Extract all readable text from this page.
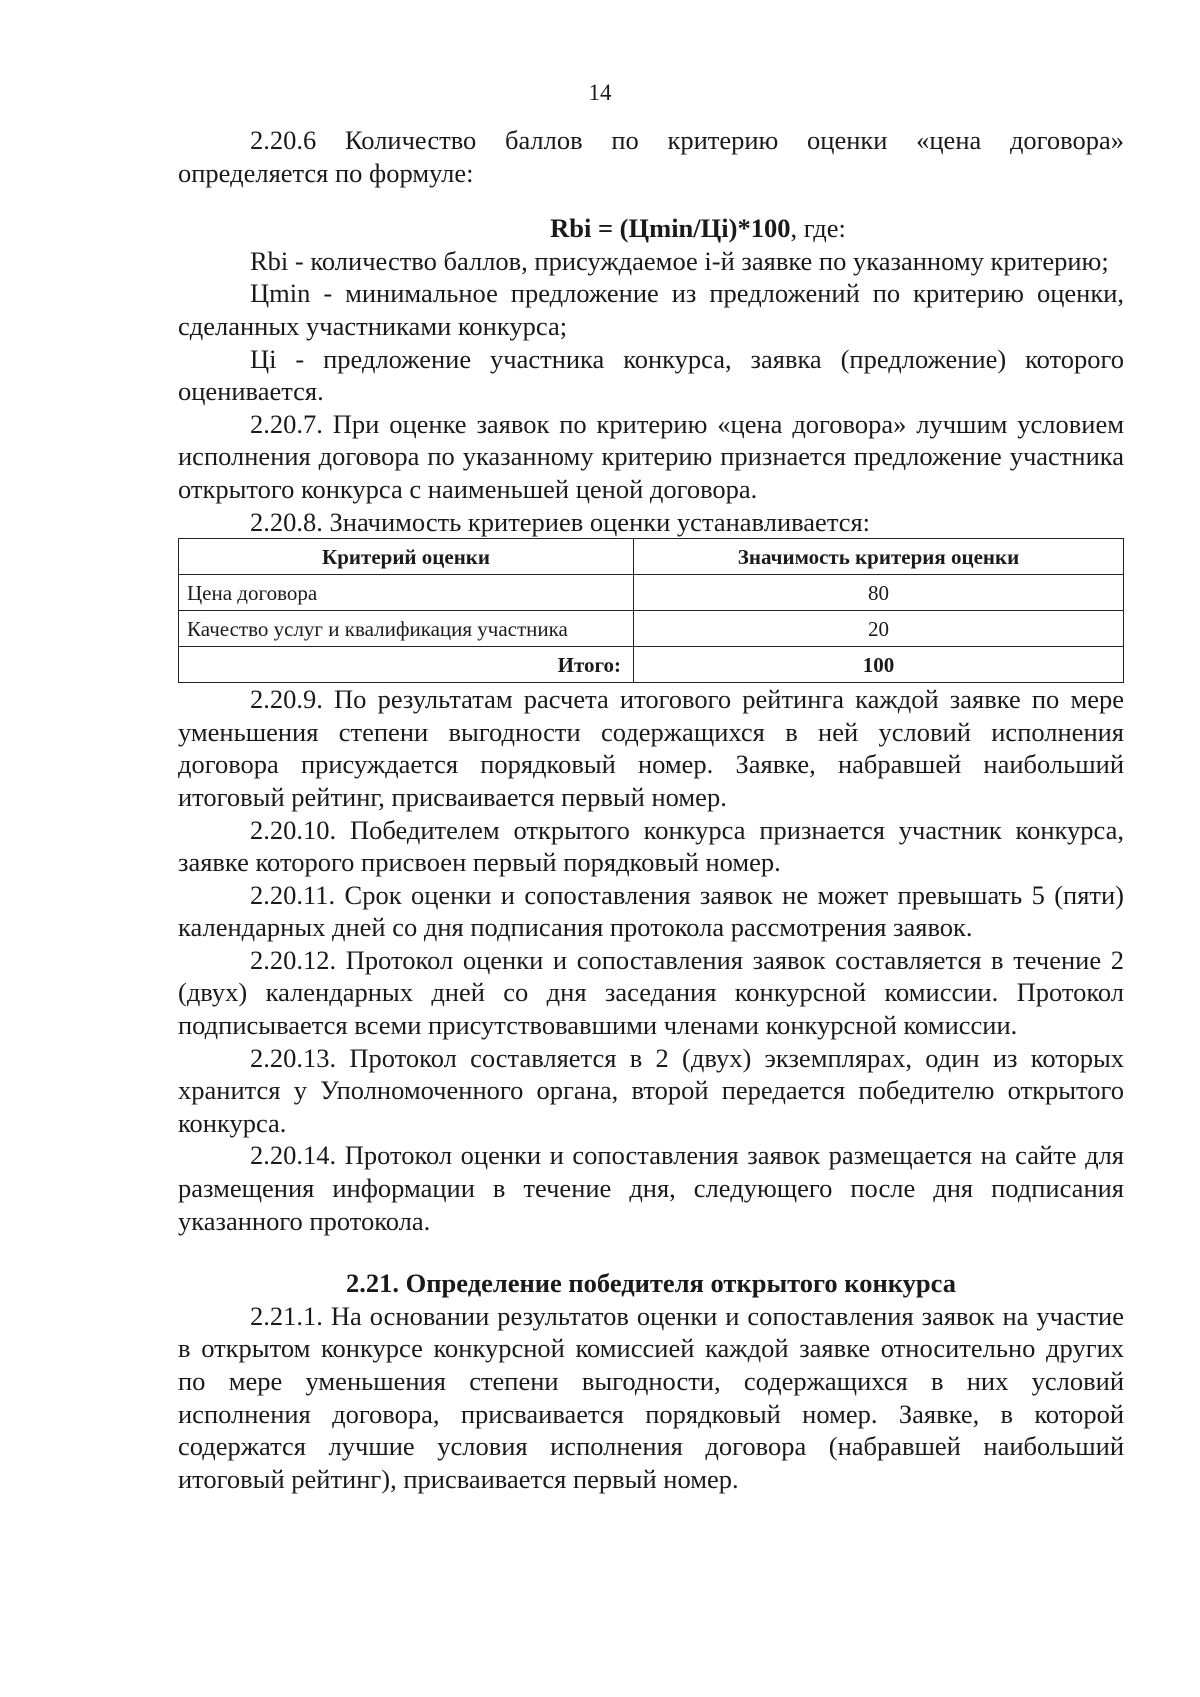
14

2.20.6 Количество баллов по критерию оценки «цена договора» определяется по формуле:

Rbi = (Цmin/Цi)*100, где:

Rbi - количество баллов, присуждаемое i-й заявке по указанному критерию;

Цmin - минимальное предложение из предложений по критерию оценки, сделанных участниками конкурса;

Цi - предложение участника конкурса, заявка (предложение) которого оценивается.

2.20.7. При оценке заявок по критерию «цена договора» лучшим условием исполнения договора по указанному критерию признается предложение участника открытого конкурса с наименьшей ценой договора.

2.20.8. Значимость критериев оценки устанавливается:

Критерий оценки	Значимость критерия оценки
Цена договора	80
Качество услуг и квалификация участника	20
Итого:	100

2.20.9. По результатам расчета итогового рейтинга каждой заявке по мере уменьшения степени выгодности содержащихся в ней условий исполнения договора присуждается порядковый номер. Заявке, набравшей наибольший итоговый рейтинг, присваивается первый номер.

2.20.10. Победителем открытого конкурса признается участник конкурса, заявке которого присвоен первый порядковый номер.

2.20.11. Срок оценки и сопоставления заявок не может превышать 5 (пяти) календарных дней со дня подписания протокола рассмотрения заявок.

2.20.12. Протокол оценки и сопоставления заявок составляется в течение 2 (двух) календарных дней со дня заседания конкурсной комиссии. Протокол подписывается всеми присутствовавшими членами конкурсной комиссии.

2.20.13. Протокол составляется в 2 (двух) экземплярах, один из которых хранится у Уполномоченного органа, второй передается победителю открытого конкурса.

2.20.14. Протокол оценки и сопоставления заявок размещается на сайте для размещения информации в течение дня, следующего после дня подписания указанного протокола.

2.21. Определение победителя открытого конкурса

2.21.1. На основании результатов оценки и сопоставления заявок на участие в открытом конкурсе конкурсной комиссией каждой заявке относительно других по мере уменьшения степени выгодности, содержащихся в них условий исполнения договора, присваивается порядковый номер. Заявке, в которой содержатся лучшие условия исполнения договора (набравшей наибольший итоговый рейтинг), присваивается первый номер.
